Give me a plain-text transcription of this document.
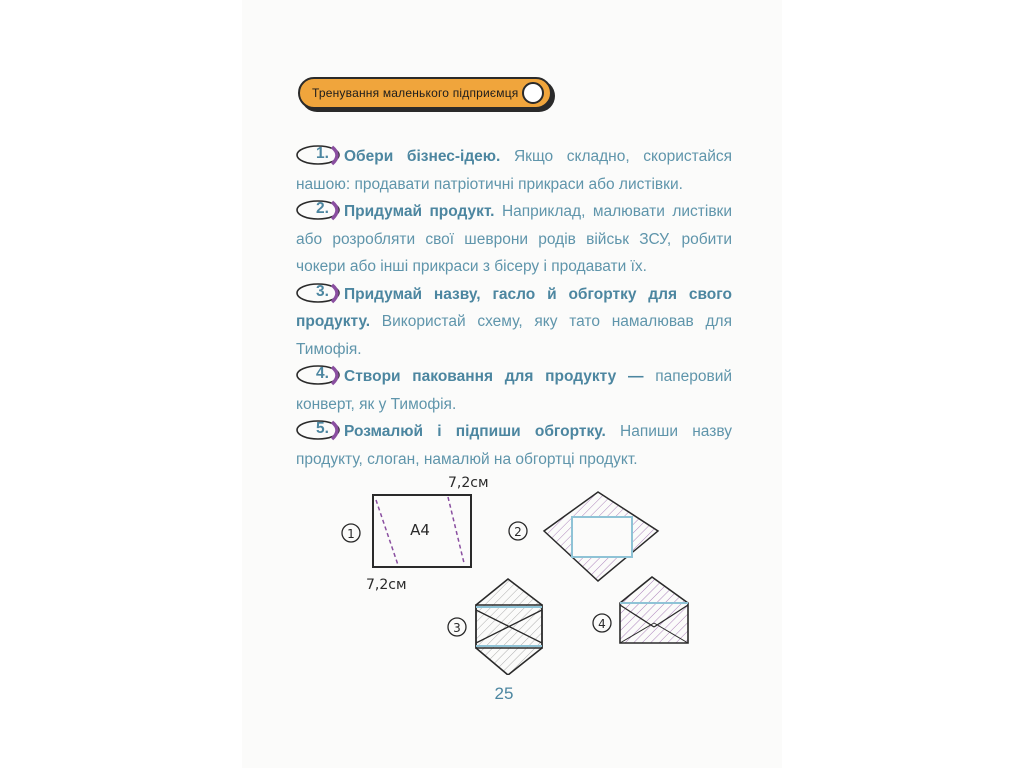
Тренування маленького підприємця
1. Обери бізнес-ідею. Якщо складно, скористайся нашою: продавати патріотичні прикраси або листівки.
2. Придумай продукт. Наприклад, малювати листівки або розробляти свої шеврони родів військ ЗСУ, робити чокери або інші прикраси з бісеру і продавати їх.
3. Придумай назву, гасло й обгортку для свого продукту. Використай схему, яку тато намалював для Тимофія.
4. Створи паковання для продукту — паперовий конверт, як у Тимофія.
5. Розмалюй і підпиши обгортку. Напиши назву продукту, слоган, намалюй на обгортці продукт.
1	А4
7,2см
7,2см
2
3	4
25
